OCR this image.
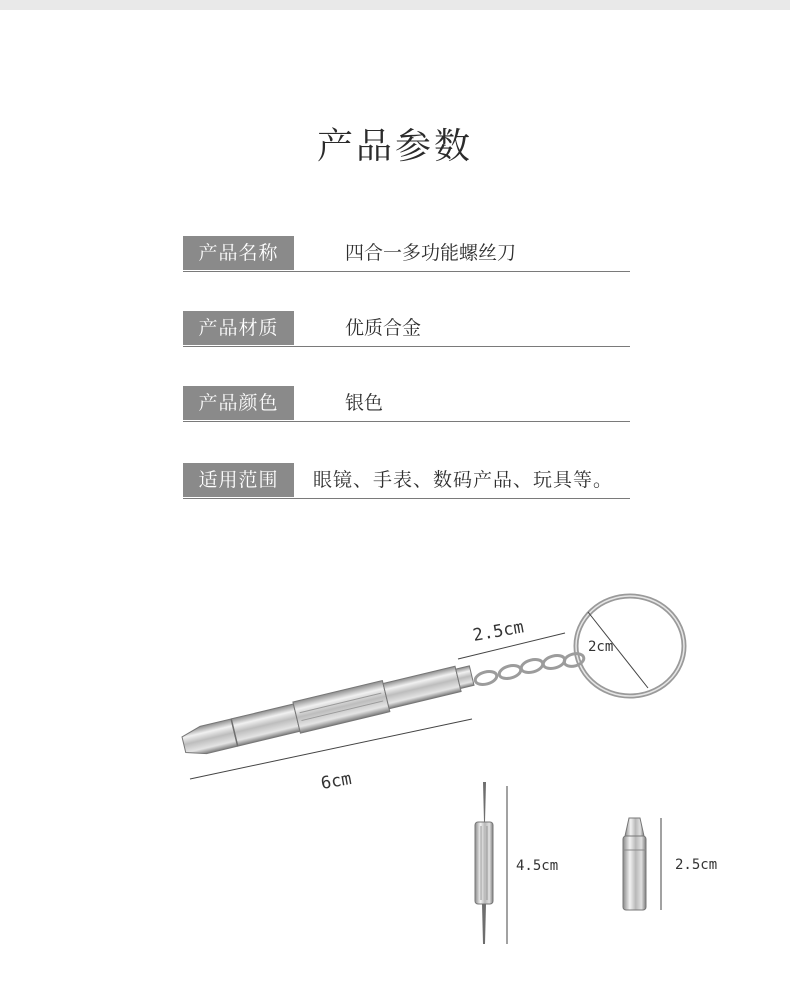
产品参数
产品名称	四合一多功能螺丝刀
产品材质	优质合金
产品颜色	银色
适用范围	眼镜、手表、数码产品、玩具等。
2.5cm
2cm
6cm
4.5cm	2.5cm
